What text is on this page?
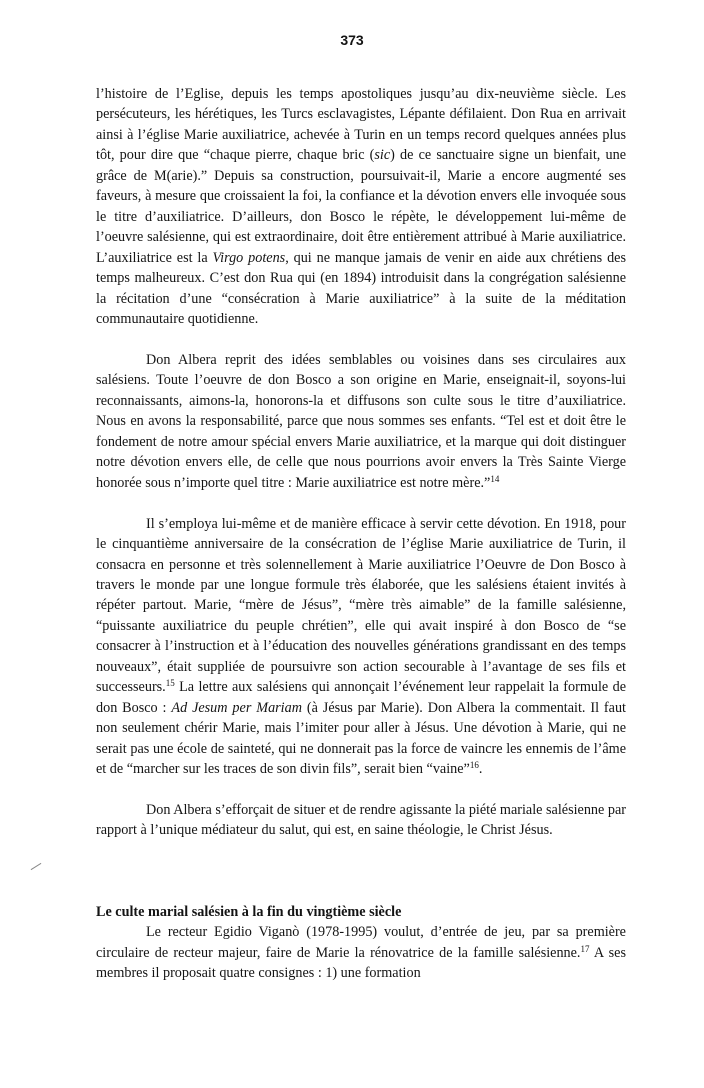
373

l’histoire de l’Eglise, depuis les temps apostoliques jusqu’au dix-neuvième siècle. Les persécuteurs, les hérétiques, les Turcs esclavagistes, Lépante défilaient. Don Rua en arrivait ainsi à l’église Marie auxiliatrice, achevée à Turin en un temps record quelques années plus tôt, pour dire que “chaque pierre, chaque bric (sic) de ce sanctuaire signe un bienfait, une grâce de M(arie).” Depuis sa construction, poursuivait-il, Marie a encore augmenté ses faveurs, à mesure que croissaient la foi, la confiance et la dévotion envers elle invoquée sous le titre d’auxiliatrice. D’ailleurs, don Bosco le répète, le développement lui-même de l’oeuvre salésienne, qui est extraordinaire, doit être entièrement attribué à Marie auxiliatrice. L’auxiliatrice est la Virgo potens, qui ne manque jamais de venir en aide aux chrétiens des temps malheureux. C’est don Rua qui (en 1894) introduisit dans la congrégation salésienne la récitation d’une “consécration à Marie auxiliatrice” à la suite de la méditation communautaire quotidienne.

Don Albera reprit des idées semblables ou voisines dans ses circulaires aux salésiens. Toute l’oeuvre de don Bosco a son origine en Marie, enseignait-il, soyons-lui reconnaissants, aimons-la, honorons-la et diffusons son culte sous le titre d’auxiliatrice. Nous en avons la responsabilité, parce que nous sommes ses enfants. “Tel est et doit être le fondement de notre amour spécial envers Marie auxiliatrice, et la marque qui doit distinguer notre dévotion envers elle, de celle que nous pourrions avoir envers la Très Sainte Vierge honorée sous n’importe quel titre : Marie auxiliatrice est notre mère.”$^{14}$

Il s’employa lui-même et de manière efficace à servir cette dévotion. En 1918, pour le cinquantième anniversaire de la consécration de l’église Marie auxiliatrice de Turin, il consacra en personne et très solennellement à Marie auxiliatrice l’Oeuvre de Don Bosco à travers le monde par une longue formule très élaborée, que les salésiens étaient invités à répéter partout. Marie, “mère de Jésus”, “mère très aimable” de la famille salésienne, “puissante auxiliatrice du peuple chrétien”, elle qui avait inspiré à don Bosco de “se consacrer à l’instruction et à l’éducation des nouvelles générations grandissant en des temps nouveaux”, était suppliée de poursuivre son action secourable à l’avantage de ses fils et successeurs.$^{15}$ La lettre aux salésiens qui annonçait l’événement leur rappelait la formule de don Bosco : Ad Jesum per Mariam (à Jésus par Marie). Don Albera la commentait. Il faut non seulement chérir Marie, mais l’imiter pour aller à Jésus. Une dévotion à Marie, qui ne serait pas une école de sainteté, qui ne donnerait pas la force de vaincre les ennemis de l’âme et de “marcher sur les traces de son divin fils”, serait bien “vaine”$^{16}$.

Don Albera s’efforçait de situer et de rendre agissante la piété mariale salésienne par rapport à l’unique médiateur du salut, qui est, en saine théologie, le Christ Jésus.

Le culte marial salésien à la fin du vingtième siècle

Le recteur Egidio Viganò (1978-1995) voulut, d’entrée de jeu, par sa première circulaire de recteur majeur, faire de Marie la rénovatrice de la famille salésienne.$^{17}$ A ses membres il proposait quatre consignes : 1) une formation
